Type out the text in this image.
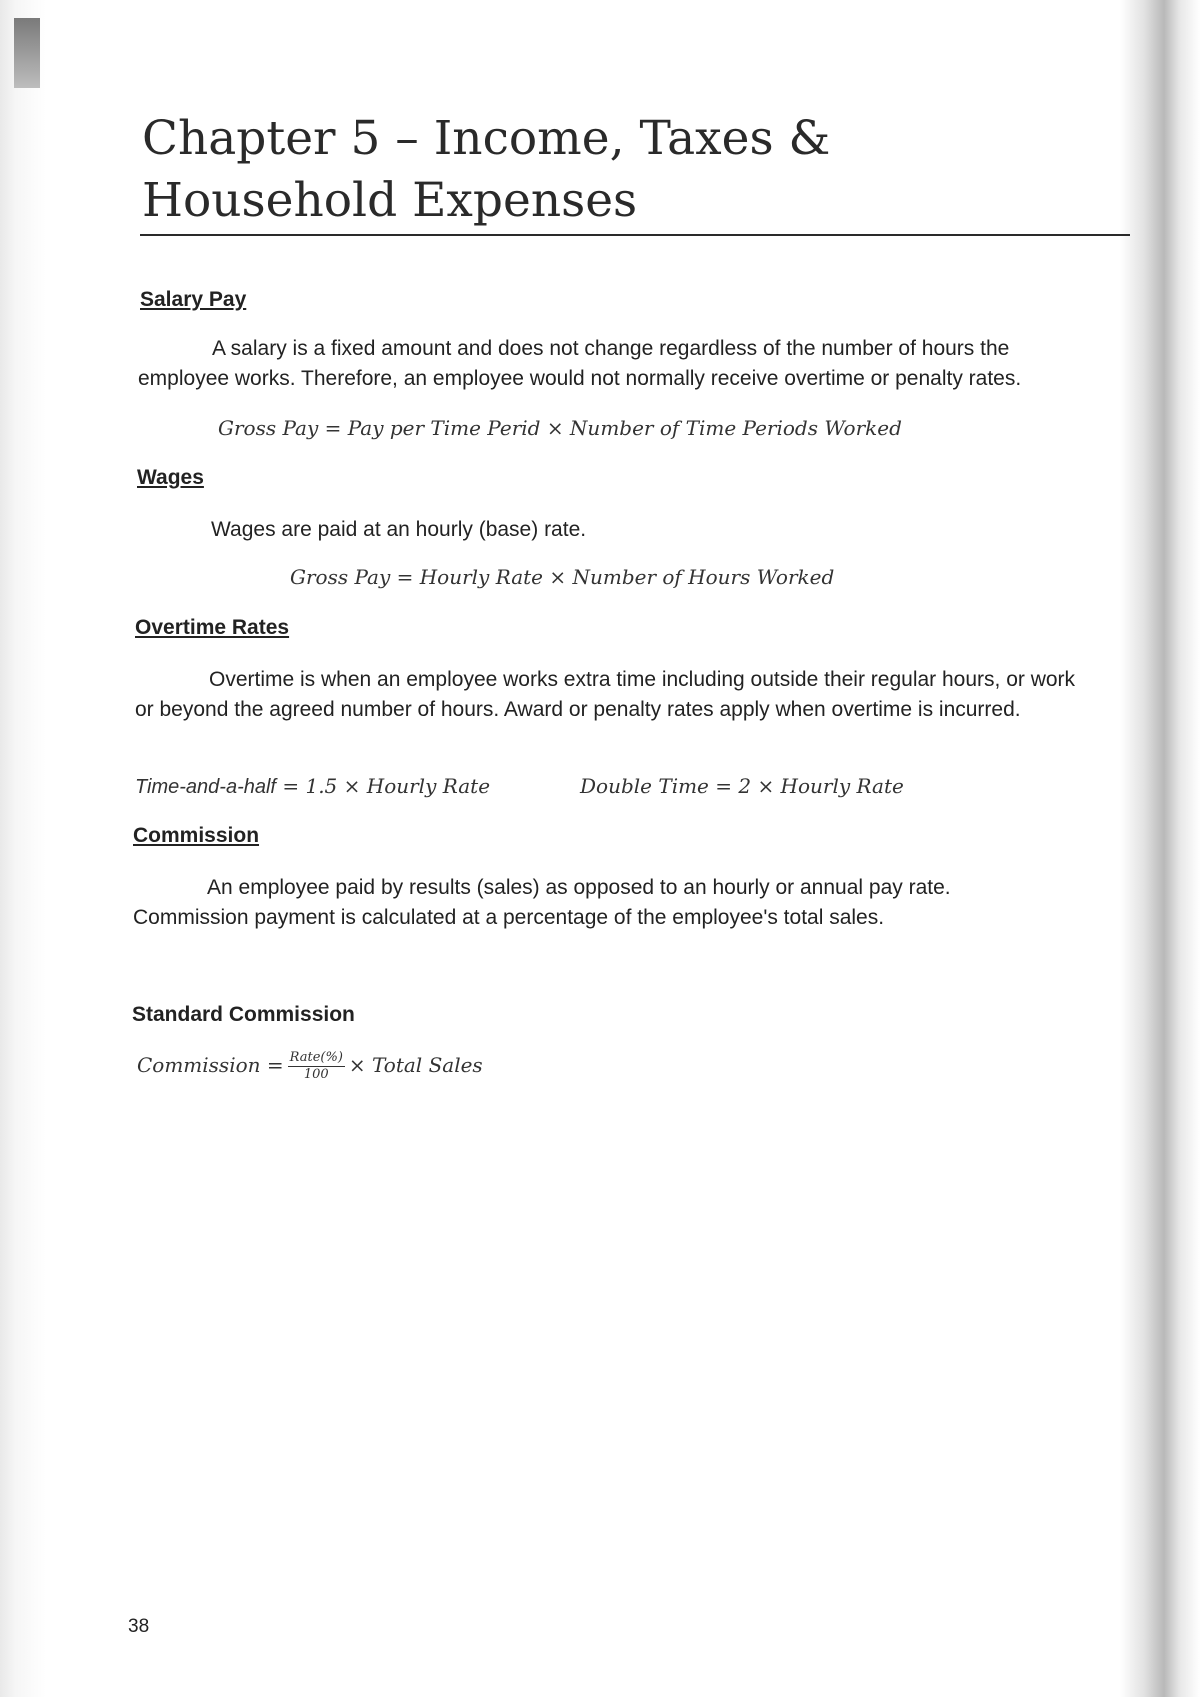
Chapter 5 – Income, Taxes & Household Expenses
Salary Pay

A salary is a fixed amount and does not change regardless of the number of hours the employee works. Therefore, an employee would not normally receive overtime or penalty rates.

Gross Pay = Pay per Time Perid × Number of Time Periods Worked

Wages

Wages are paid at an hourly (base) rate.

Gross Pay = Hourly Rate × Number of Hours Worked

Overtime Rates

Overtime is when an employee works extra time including outside their regular hours, or work or beyond the agreed number of hours. Award or penalty rates apply when overtime is incurred.

Time-and-a-half = 1.5 × Hourly Rate	Double Time = 2 × Hourly Rate

Commission

An employee paid by results (sales) as opposed to an hourly or annual pay rate. Commission payment is calculated at a percentage of the employee's total sales.

Standard Commission

Commission = $\frac{\text{Rate(\%)}}{100}$ × Total Sales

38
